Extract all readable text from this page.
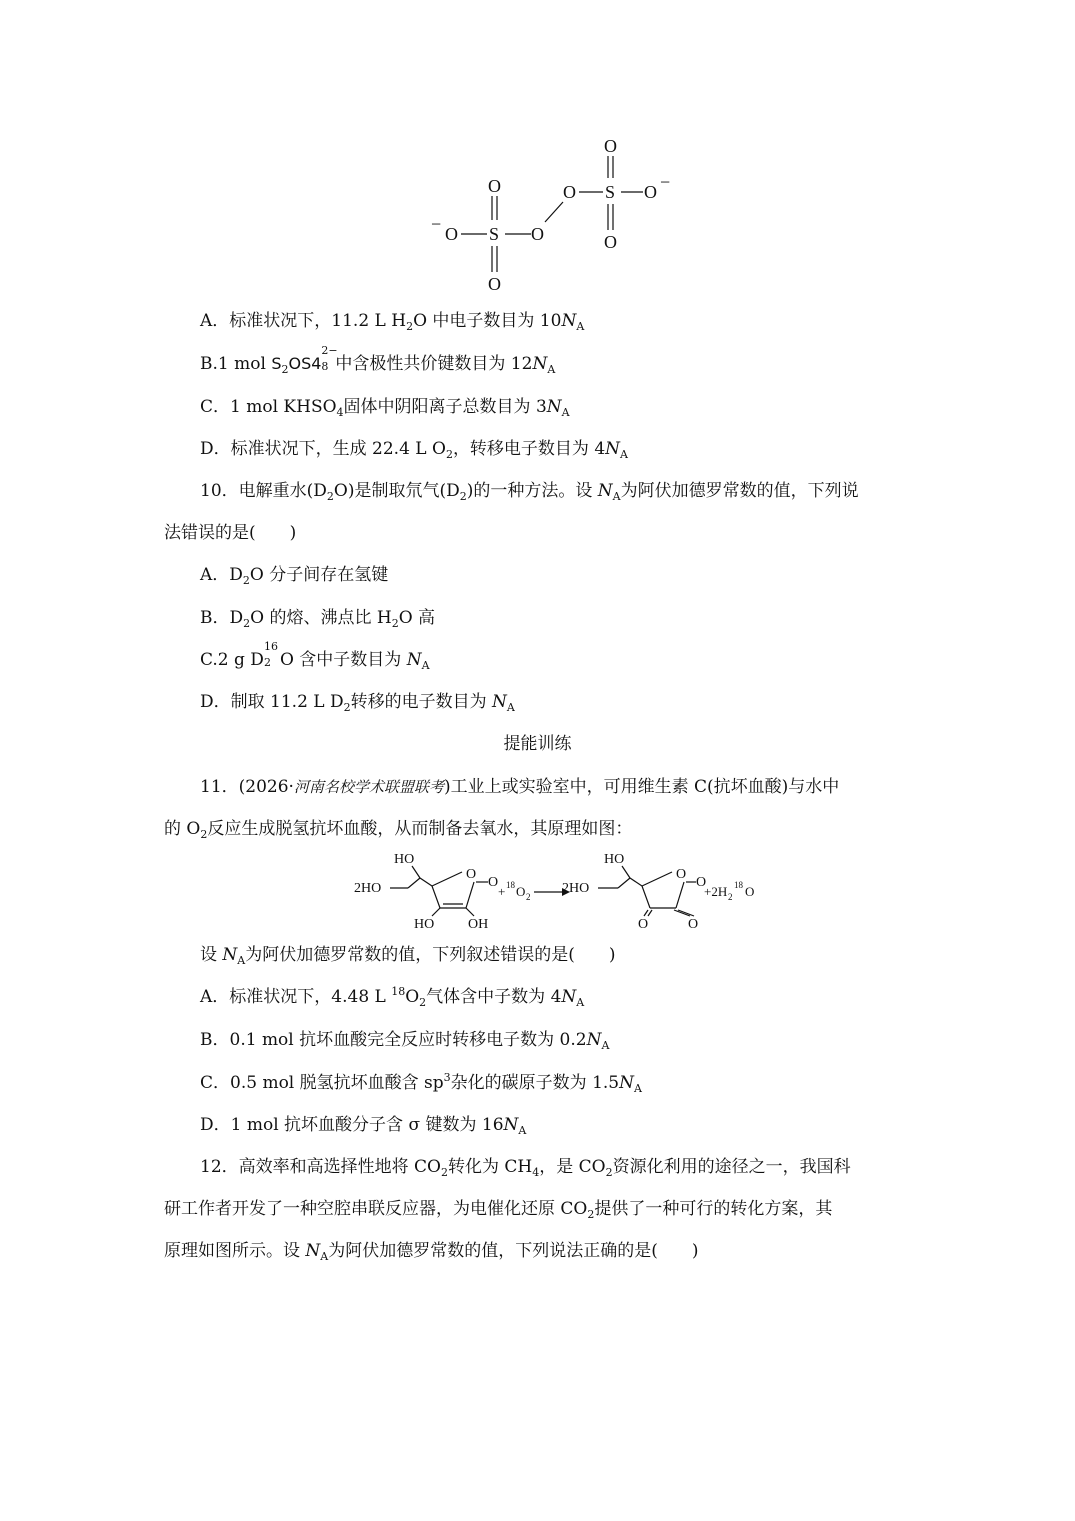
− O S O
O
O
O S O −
O
O
A．标准状况下，11.2 L $H_2O$ 中电子数目为 $10N_A$
B.1 mol $S_2OS4$
2−
8 中含极性共价键数目为 $12N_A$
C．1 mol $KHSO_4$固体中阴阳离子总数目为 $3N_A$
D．标准状况下，生成 22.4 L $O_2$，转移电子数目为 $4N_A$
10．电解重水$(D_2O)$是制取氘气$(D_2)$的一种方法。设 $N_A$为阿伏加德罗常数的值，下列说
法错误的是(　　)
A．$D_2O$ 分子间存在氢键
B．$D_2O$ 的熔、沸点比 $H_2O$ 高
C.2 g D
16
2 O 含中子数目为 $N_A$
D．制取 11.2 L $D_2$转移的电子数目为 $N_A$
提能训练
11．(2026·河南名校学术联盟联考)工业上或实验室中，可用维生素 C(抗坏血酸)与水中
的 $O_2$反应生成脱氢抗坏血酸，从而制备去氧水，其原理如图：
HO
2HO
O
O
HO OH
+ 18 O 2
2HO
HO
O
O
O	O
+2H 2
18 O
设 $N_A$为阿伏加德罗常数的值，下列叙述错误的是(　　)
A．标准状况下，4.48 L $^{18}O_2$气体含中子数为 $4N_A$
B．0.1 mol 抗坏血酸完全反应时转移电子数为 $0.2N_A$
C．0.5 mol 脱氢抗坏血酸含 $sp^3$杂化的碳原子数为 $1.5N_A$
D．1 mol 抗坏血酸分子含 σ 键数为 $16N_A$
12．高效率和高选择性地将 $CO_2$转化为 $CH_4$，是 $CO_2$资源化利用的途径之一，我国科
研工作者开发了一种空腔串联反应器，为电催化还原 $CO_2$提供了一种可行的转化方案，其
原理如图所示。设 $N_A$为阿伏加德罗常数的值，下列说法正确的是(　　)
